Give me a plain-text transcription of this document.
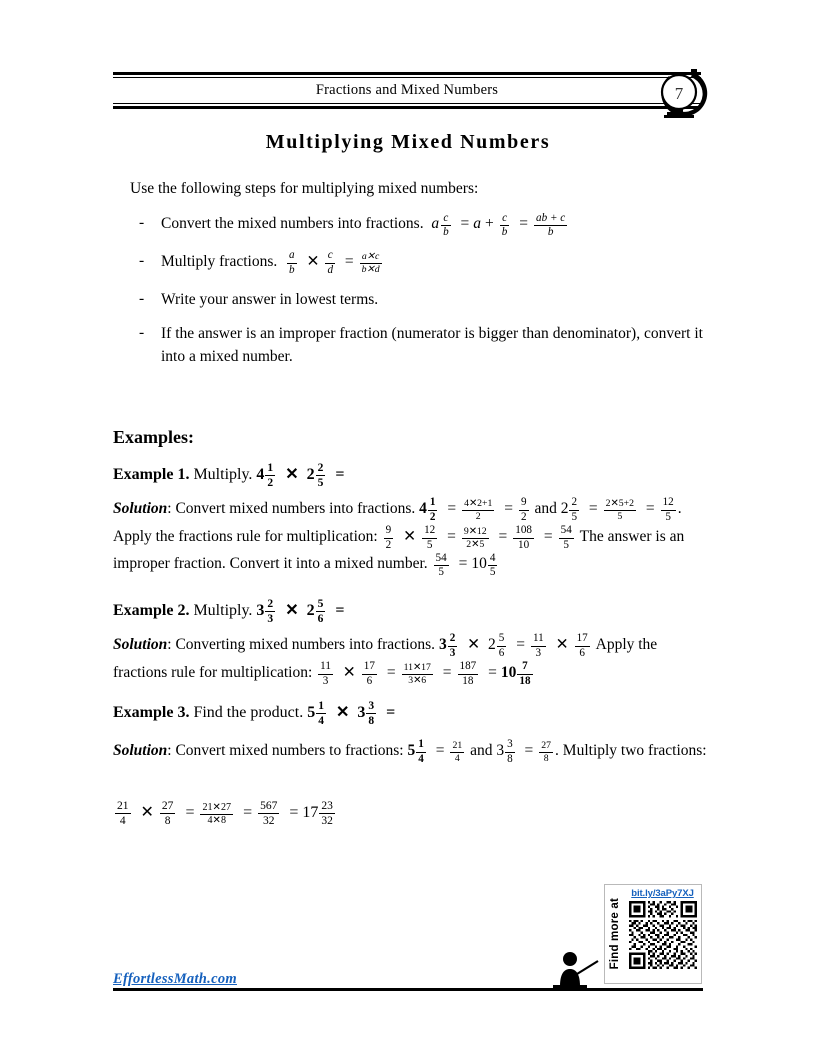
Fractions and Mixed Numbers	7
Multiplying Mixed Numbers
Use the following steps for multiplying mixed numbers:
-	Convert the mixed numbers into fractions. a $\frac{c}{b} = a + \frac{c}{b} = \frac{ab + c}{b}$
-	Multiply fractions. $\frac{a}{b}$ ✕ $\frac{c}{d} = \frac{a✕c}{b✕d}$
-	Write your answer in lowest terms.
-	If the answer is an improper fraction (numerator is bigger than denominator), convert it into a mixed number.
Examples:
Example 1. Multiply. $4 \frac{1}{2}$ ✕ $2 \frac{2}{5}$ =
Solution: Convert mixed numbers into fractions. $4 \frac{1}{2} = \frac{4✕2+1}{2} = \frac{9}{2}$ and $2 \frac{2}{5} = \frac{2✕5+2}{5} = \frac{12}{5}$ . Apply the fractions rule for multiplication: $\frac{9}{2}$ ✕ $\frac{12}{5} = \frac{9✕12}{2✕5} = \frac{108}{10} = \frac{54}{5}$ The answer is an improper fraction. Convert it into a mixed number. $\frac{54}{5} = 10 \frac{4}{5}$
Example 2. Multiply. $3 \frac{2}{3}$ ✕ $2 \frac{5}{6}$ =
Solution: Converting mixed numbers into fractions. $3 \frac{2}{3}$ ✕ $2 \frac{5}{6} = \frac{11}{3}$ ✕ $\frac{17}{6}$ Apply the fractions rule for multiplication: $\frac{11}{3}$ ✕ $\frac{17}{6} = \frac{11✕17}{3✕6} = \frac{187}{18} = 10 \frac{7}{18}$
Example 3. Find the product. $5 \frac{1}{4}$ ✕ $3 \frac{3}{8}$ =
Solution: Convert mixed numbers to fractions: $5 \frac{1}{4} = \frac{21}{4}$ and $3 \frac{3}{8} = \frac{27}{8}$ . Multiply two fractions:
$\frac{21}{4}$ ✕ $\frac{27}{8} = \frac{21✕27}{4✕8} = \frac{567}{32} = 17 \frac{23}{32}$
Find more at
bit.ly/3aPy7XJ
EffortlessMath.com
